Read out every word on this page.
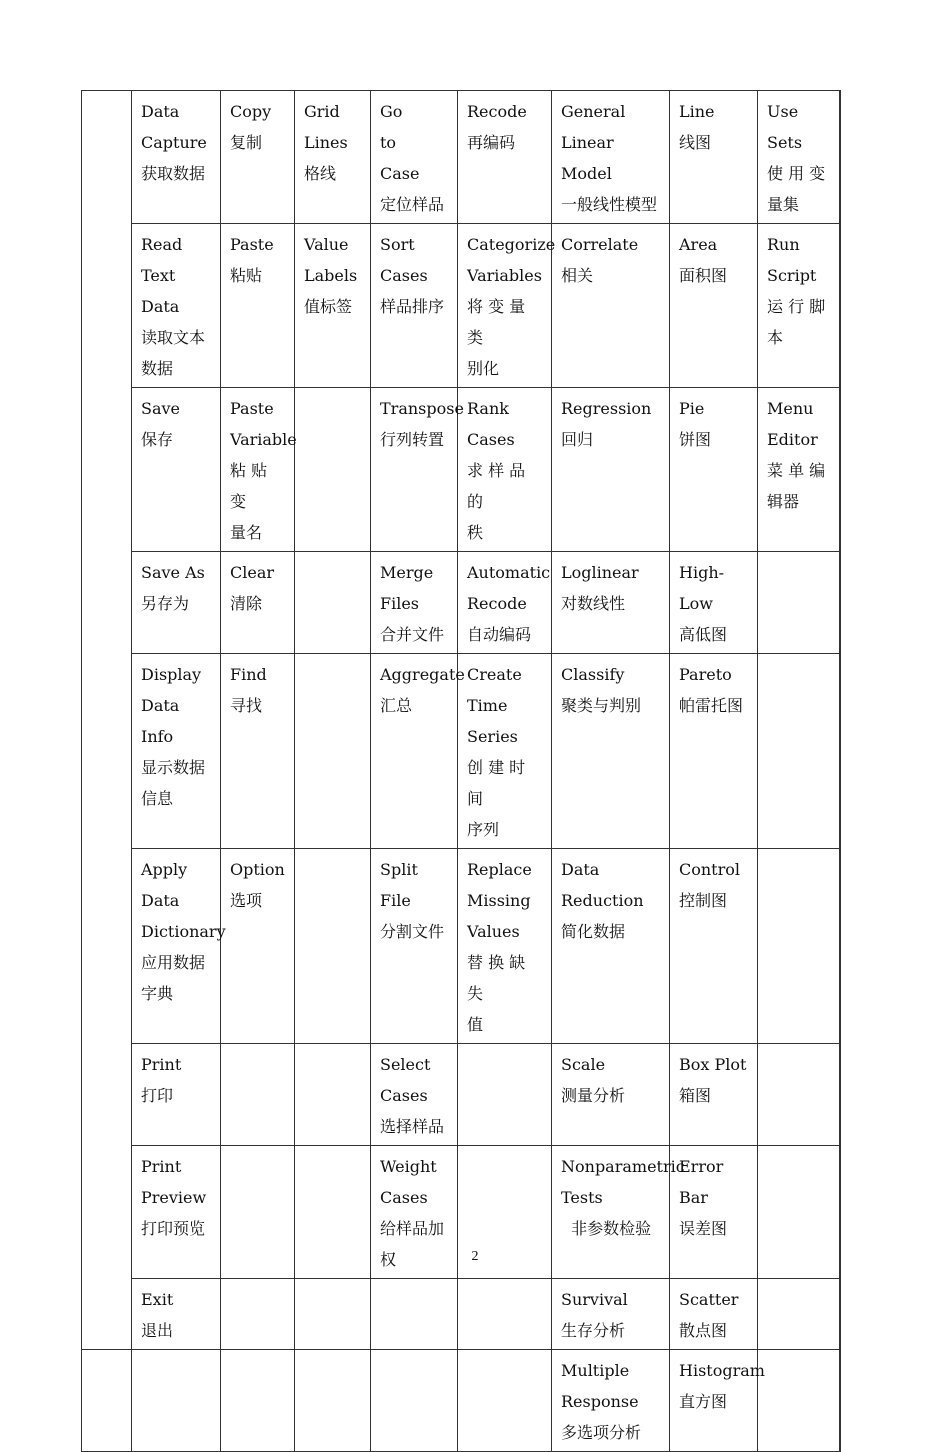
	Data
Capture
获取数据	Copy
复制	Grid
Lines
格线	Go        to
Case
定位样品	Recode
再编码	General
Linear Model
一般线性模型	Line
线图	Use Sets
使 用 变
量集

	Read  Text
Data
读取文本
数据	Paste
粘贴	Value
Labels
值标签	Sort
Cases
样品排序	Categorize
Variables
将 变 量 类
别化	Correlate
相关	Area
面积图	Run
Script
运 行 脚
本

	Save
保存	Paste
Variable
粘 贴 变
量名		Transpose
行列转置	Rank
Cases
求 样 品 的
秩	Regression
回归	Pie
饼图	Menu
Editor
菜 单 编
辑器

	Save As
另存为	Clear
清除		Merge
Files
合并文件	Automatic
Recode
自动编码	Loglinear
对数线性	High-Low
高低图	

	Display
Data Info
显示数据
信息	Find
寻找		Aggregate
汇总	Create
Time
Series
创 建 时 间
序列	Classify
聚类与判别	Pareto
帕雷托图	

	Apply
Data
Dictionary
应用数据
字典	Option
选项		Split File
分割文件	Replace
Missing
Values
替 换 缺 失
值	Data
Reduction
简化数据	Control
控制图	

	Print
打印			Select
Cases
选择样品		Scale
测量分析	Box Plot
箱图	

	Print
Preview
打印预览			Weight
Cases
给样品加
权		Nonparametric
Tests
非参数检验	Error Bar
误差图	

	Exit
退出					Survival
生存分析	Scatter
散点图	

						Multiple
Response
多选项分析	Histogram
直方图	

2
